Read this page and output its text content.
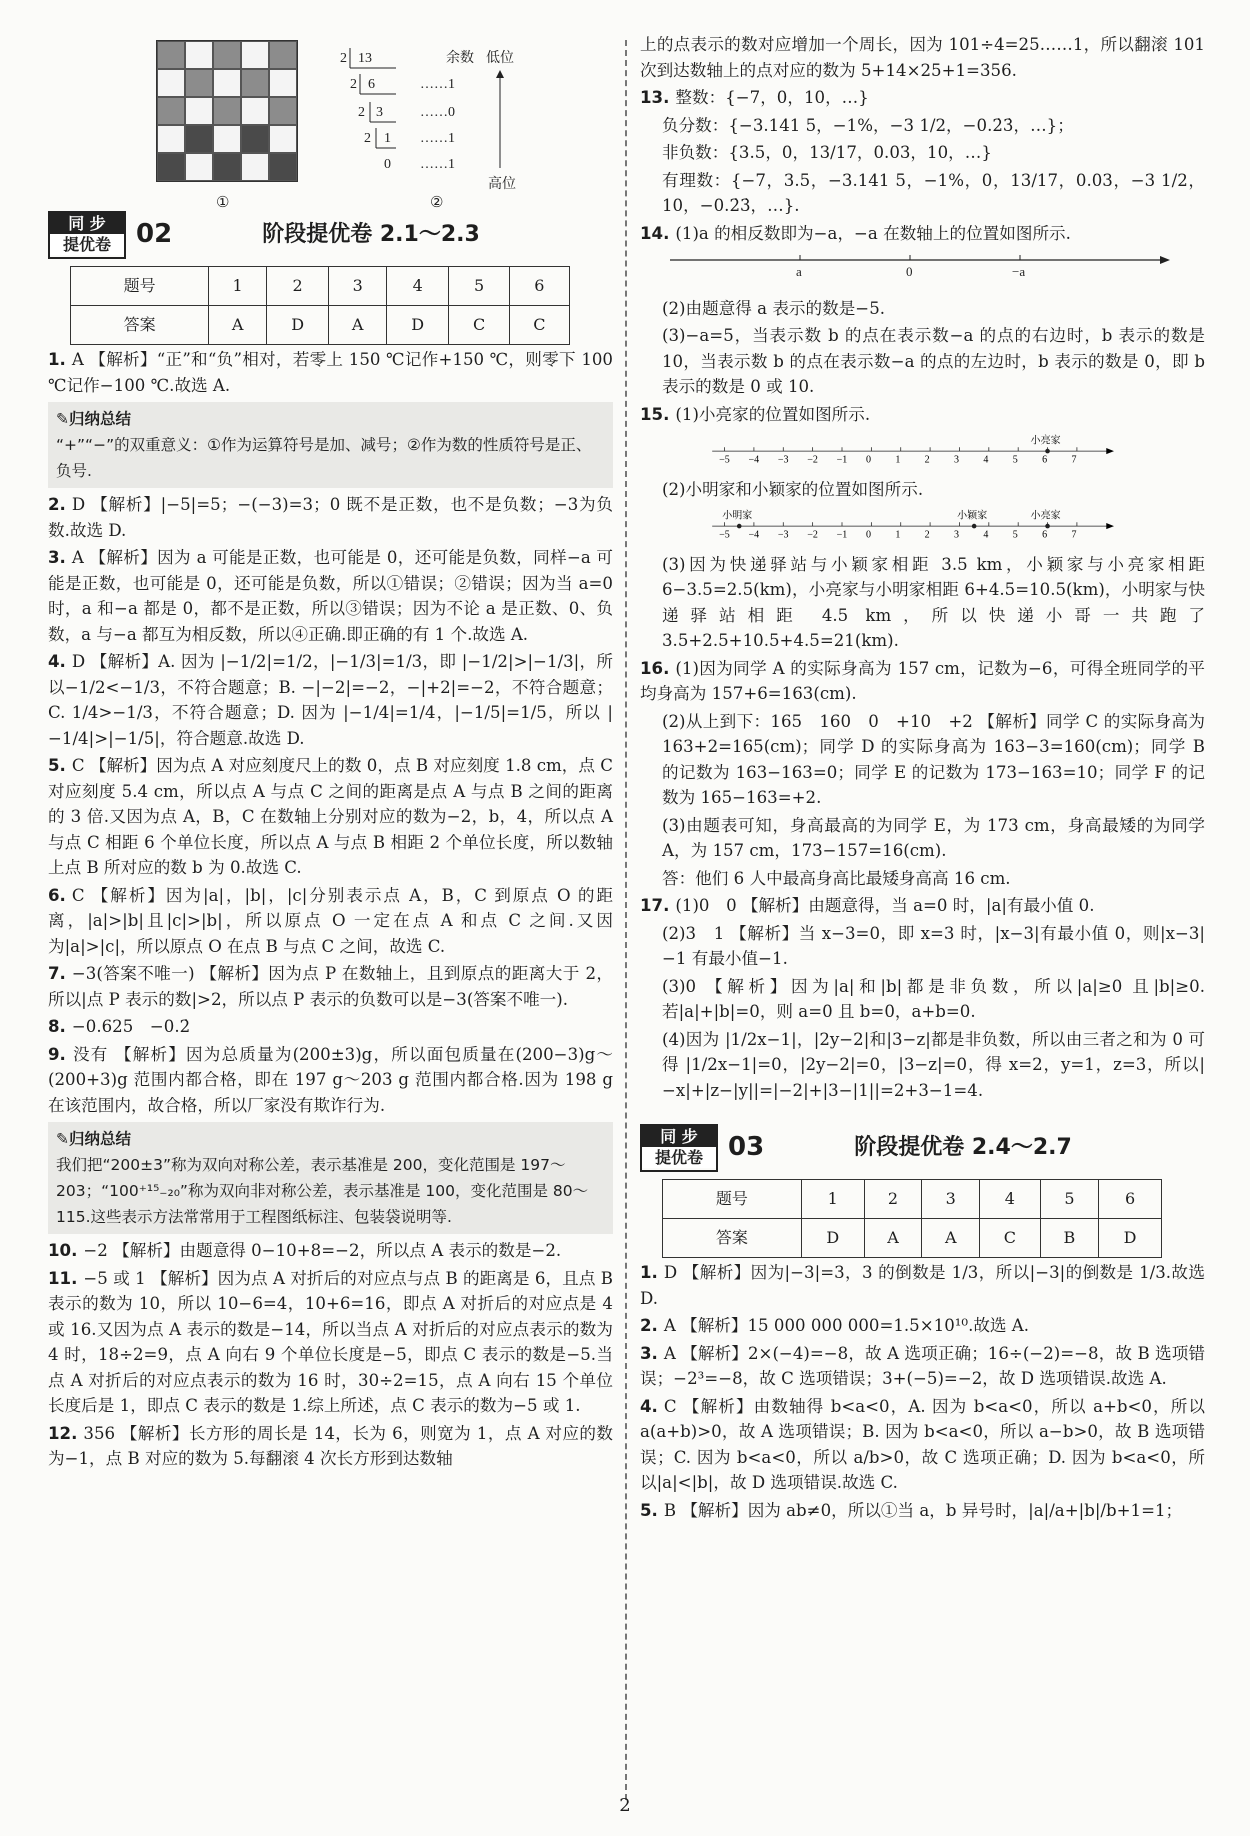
2 13
2 6
2 3
2 1
0
余数 低位
……1
……0
……1
……1
高位
①	②
同 步
提优卷 02	阶段提优卷 2.1～2.3
题号	1	2	3	4	5	6
答案	A	D	A	D	C	C
1. A 【解析】“正”和“负”相对，若零上 150 ℃记作+150 ℃，则零下 100 ℃记作−100 ℃.故选 A.
✎归纳总结
“+”“−”的双重意义：①作为运算符号是加、减号；②作为数的性质符号是正、负号.
2. D 【解析】|−5|=5；−(−3)=3；0 既不是正数，也不是负数；−3为负数.故选 D.
3. A 【解析】因为 a 可能是正数，也可能是 0，还可能是负数，同样−a 可能是正数，也可能是 0，还可能是负数，所以①错误；②错误；因为当 a=0 时，a 和−a 都是 0，都不是正数，所以③错误；因为不论 a 是正数、0、负数，a 与−a 都互为相反数，所以④正确.即正确的有 1 个.故选 A.
4. D 【解析】A. 因为 |−1/2|=1/2，|−1/3|=1/3，即 |−1/2|>|−1/3|，所以−1/2<−1/3，不符合题意；B. −|−2|=−2，−|+2|=−2，不符合题意；C. 1/4>−1/3，不符合题意；D. 因为 |−1/4|=1/4，|−1/5|=1/5，所以 |−1/4|>|−1/5|，符合题意.故选 D.
5. C 【解析】因为点 A 对应刻度尺上的数 0，点 B 对应刻度 1.8 cm，点 C 对应刻度 5.4 cm，所以点 A 与点 C 之间的距离是点 A 与点 B 之间的距离的 3 倍.又因为点 A，B，C 在数轴上分别对应的数为−2，b，4，所以点 A 与点 C 相距 6 个单位长度，所以点 A 与点 B 相距 2 个单位长度，所以数轴上点 B 所对应的数 b 为 0.故选 C.
6. C 【解析】因为|a|，|b|，|c|分别表示点 A，B，C 到原点 O 的距离，|a|>|b|且|c|>|b|，所以原点 O 一定在点 A 和点 C 之间.又因为|a|>|c|，所以原点 O 在点 B 与点 C 之间，故选 C.
7. −3(答案不唯一) 【解析】因为点 P 在数轴上，且到原点的距离大于 2，所以|点 P 表示的数|>2，所以点 P 表示的负数可以是−3(答案不唯一).
8. −0.625　−0.2̇
9. 没有 【解析】因为总质量为(200±3)g，所以面包质量在(200−3)g～(200+3)g 范围内都合格，即在 197 g～203 g 范围内都合格.因为 198 g 在该范围内，故合格，所以厂家没有欺诈行为.
✎归纳总结
我们把“200±3”称为双向对称公差，表示基准是 200，变化范围是 197～203；“100⁺¹⁵₋₂₀”称为双向非对称公差，表示基准是 100，变化范围是 80～115.这些表示方法常常用于工程图纸标注、包装袋说明等.
10. −2 【解析】由题意得 0−10+8=−2，所以点 A 表示的数是−2.
11. −5 或 1 【解析】因为点 A 对折后的对应点与点 B 的距离是 6，且点 B 表示的数为 10，所以 10−6=4，10+6=16，即点 A 对折后的对应点是 4 或 16.又因为点 A 表示的数是−14，所以当点 A 对折后的对应点表示的数为 4 时，18÷2=9，点 A 向右 9 个单位长度是−5，即点 C 表示的数是−5.当点 A 对折后的对应点表示的数为 16 时，30÷2=15，点 A 向右 15 个单位长度后是 1，即点 C 表示的数是 1.综上所述，点 C 表示的数为−5 或 1.
12. 356 【解析】长方形的周长是 14，长为 6，则宽为 1，点 A 对应的数为−1，点 B 对应的数为 5.每翻滚 4 次长方形到达数轴
上的点表示的数对应增加一个周长，因为 101÷4=25……1，所以翻滚 101 次到达数轴上的点对应的数为 5+14×25+1=356.
13. 整数：{−7，0，10，…}
负分数：{−3.141 5，−1%，−3 1/2，−0.2̇3̇，…}；
非负数：{3.5，0，13/17，0.03，10，…}
有理数：{−7，3.5，−3.141 5，−1%，0，13/17，0.03，−3 1/2，10，−0.2̇3̇，…}.
14. (1)a 的相反数即为−a，−a 在数轴上的位置如图所示.
a	0	−a
(2)由题意得 a 表示的数是−5.
(3)−a=5，当表示数 b 的点在表示数−a 的点的右边时，b 表示的数是 10，当表示数 b 的点在表示数−a 的点的左边时，b 表示的数是 0，即 b 表示的数是 0 或 10.
15. (1)小亮家的位置如图所示.
−5 −4 −3 −2 −1 0 1 2 3 4 5 6 7
小亮家
(2)小明家和小颖家的位置如图所示.
−5 −4 −3 −2 −1 0 1 2 3 4 5 6 7
小明家	小颖家	小亮家
(3)因为快递驿站与小颖家相距 3.5 km，小颖家与小亮家相距 6−3.5=2.5(km)，小亮家与小明家相距 6+4.5=10.5(km)，小明家与快递驿站相距 4.5 km，所以快递小哥一共跑了 3.5+2.5+10.5+4.5=21(km).
16. (1)因为同学 A 的实际身高为 157 cm，记数为−6，可得全班同学的平均身高为 157+6=163(cm).
(2)从上到下：165　160　0　+10　+2 【解析】同学 C 的实际身高为 163+2=165(cm)；同学 D 的实际身高为 163−3=160(cm)；同学 B 的记数为 163−163=0；同学 E 的记数为 173−163=10；同学 F 的记数为 165−163=+2.
(3)由题表可知，身高最高的为同学 E，为 173 cm，身高最矮的为同学 A，为 157 cm，173−157=16(cm).
答：他们 6 人中最高身高比最矮身高高 16 cm.
17. (1)0　0 【解析】由题意得，当 a=0 时，|a|有最小值 0.
(2)3　1 【解析】当 x−3=0，即 x=3 时，|x−3|有最小值 0，则|x−3|−1 有最小值−1.
(3)0 【解析】因为|a|和|b|都是非负数，所以|a|≥0 且|b|≥0.若|a|+|b|=0，则 a=0 且 b=0，a+b=0.
(4)因为 |1/2x−1|，|2y−2|和|3−z|都是非负数，所以由三者之和为 0 可得 |1/2x−1|=0，|2y−2|=0，|3−z|=0，得 x=2，y=1，z=3，所以|−x|+|z−|y||=|−2|+|3−|1||=2+3−1=4.
同 步
提优卷 03	阶段提优卷 2.4～2.7
题号	1	2	3	4	5	6
答案	D	A	A	C	B	D
1. D 【解析】因为|−3|=3，3 的倒数是 1/3，所以|−3|的倒数是 1/3.故选 D.
2. A 【解析】15 000 000 000=1.5×10¹⁰.故选 A.
3. A 【解析】2×(−4)=−8，故 A 选项正确；16÷(−2)=−8，故 B 选项错误；−2³=−8，故 C 选项错误；3+(−5)=−2，故 D 选项错误.故选 A.
4. C 【解析】由数轴得 b<a<0，A. 因为 b<a<0，所以 a+b<0，所以 a(a+b)>0，故 A 选项错误；B. 因为 b<a<0，所以 a−b>0，故 B 选项错误；C. 因为 b<a<0，所以 a/b>0，故 C 选项正确；D. 因为 b<a<0，所以|a|<|b|，故 D 选项错误.故选 C.
5. B 【解析】因为 ab≠0，所以①当 a，b 异号时，|a|/a+|b|/b+1=1；
2
